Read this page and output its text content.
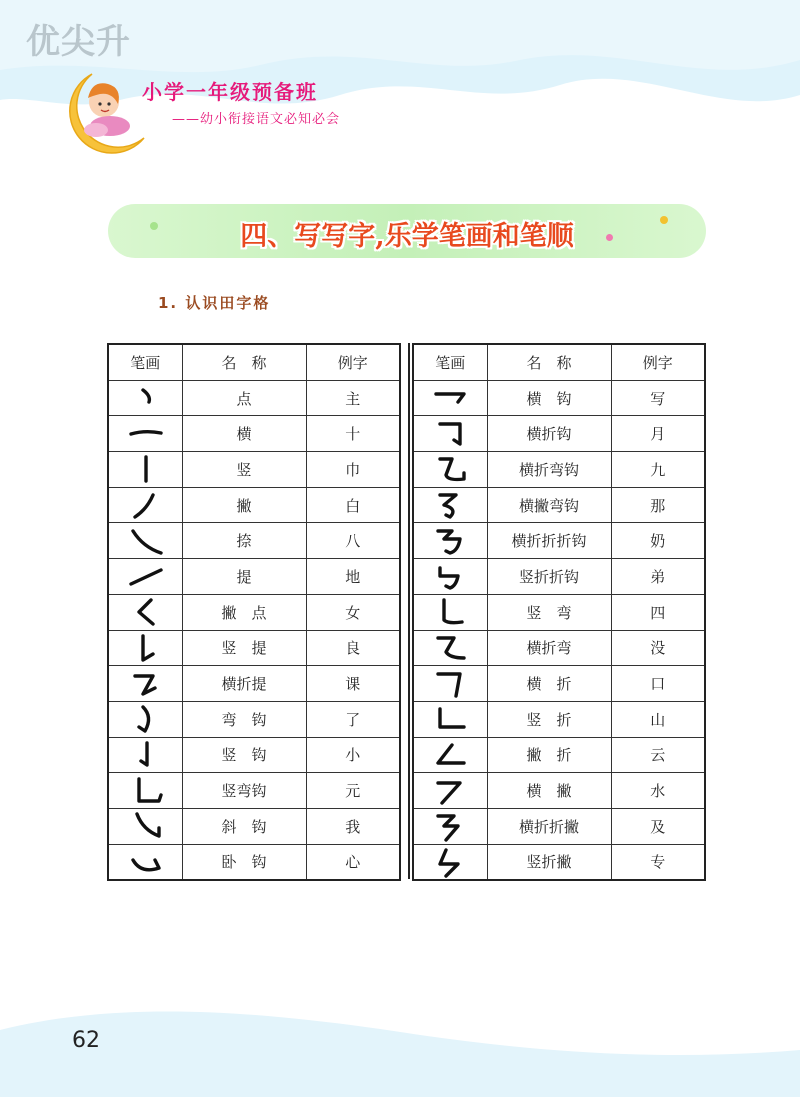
优尖升
小学一年级预备班
——幼小衔接语文必知必会
四、写写字,乐学笔画和笔顺
1. 认识田字格
笔画	名　称	例字

	点	主

	横	十

	竖	巾

	撇	白

	捺	八

	提	地

	撇　点	女

	竖　提	良

	横折提	课

	弯　钩	了

	竖　钩	小

	竖弯钩	元

	斜　钩	我

	卧　钩	心
笔画	名　称	例字

	横　钩	写

	横折钩	月

	横折弯钩	九

	横撇弯钩	那

	横折折折钩	奶

	竖折折钩	弟

	竖　弯	四

	横折弯	没

	横　折	口

	竖　折	山

	撇　折	云

	横　撇	水

	横折折撇	及

	竖折撇	专
62
